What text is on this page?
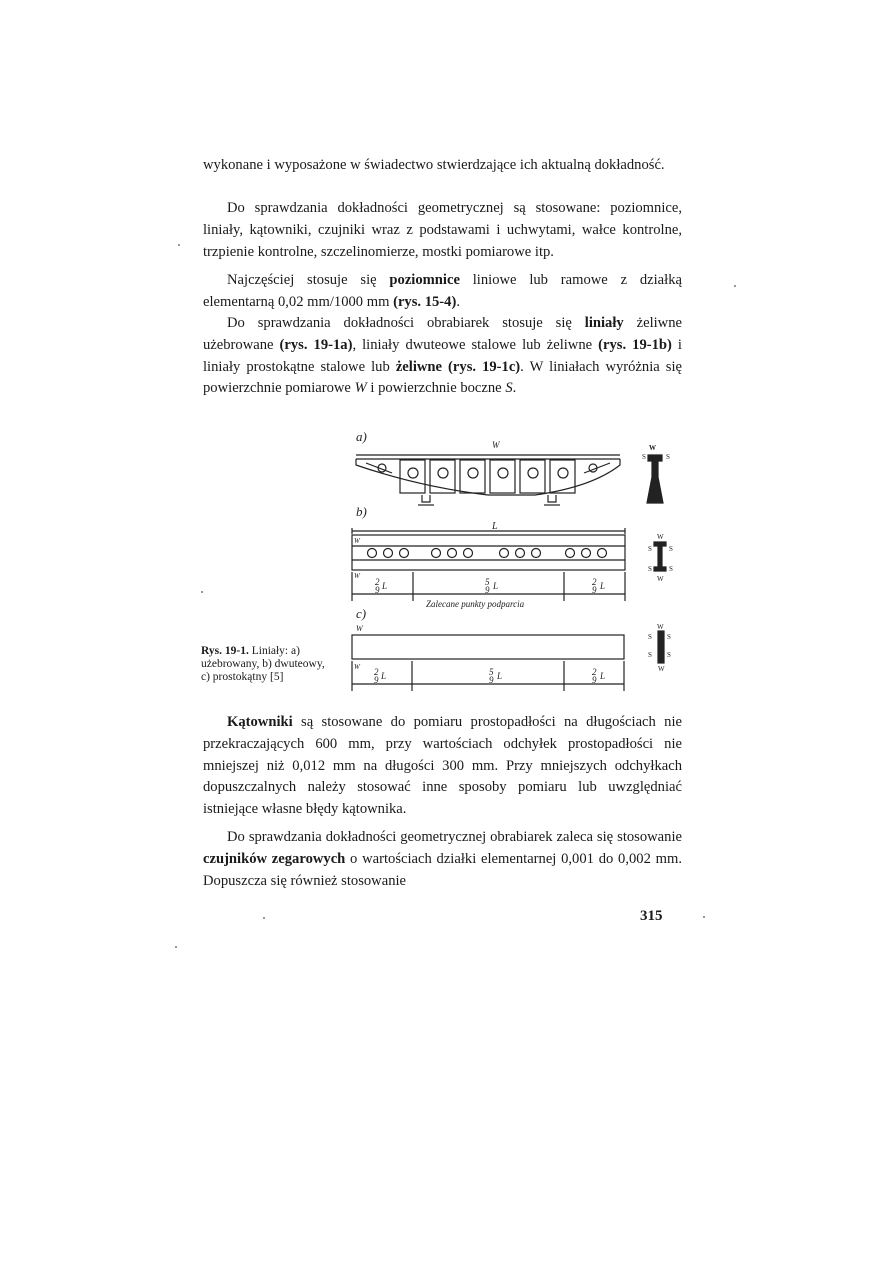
wykonane i wyposażone w świadectwo stwierdzające ich aktualną dokładność.

Do sprawdzania dokładności geometrycznej są stosowane: poziomnice, liniały, kątowniki, czujniki wraz z podstawami i uchwytami, wałce kontrolne, trzpienie kontrolne, szczelinomierze, mostki pomiarowe itp.

Najczęściej stosuje się poziomnice liniowe lub ramowe z działką elementarną 0,02 mm/1000 mm (rys. 15-4).

Do sprawdzania dokładności obrabiarek stosuje się liniały żeliwne użebrowane (rys. 19-1a), liniały dwuteowe stalowe lub żeliwne (rys. 19-1b) i liniały prostokątne stalowe lub żeliwne (rys. 19-1c). W liniałach wyróżnia się powierzchnie pomiarowe W i powierzchnie boczne S.

a)
W	W
S	S
b)
L
W
W
2
9 L	5
9 L	2
9 L
Zalecane punkty podparcia
W
S S
S S
W
c)
W
W 2
9 L	5
9 L	2
9 L
W
S S
S S
W

Rys. 19-1. Liniały: a) użebrowany, b) dwuteowy, c) prostokątny [5]

Kątowniki są stosowane do pomiaru prostopadłości na długościach nie przekraczających 600 mm, przy wartościach odchyłek prostopadłości nie mniejszej niż 0,012 mm na długości 300 mm. Przy mniejszych odchyłkach dopuszczalnych należy stosować inne sposoby pomiaru lub uwzględniać istniejące własne błędy kątownika.

Do sprawdzania dokładności geometrycznej obrabiarek zaleca się stosowanie czujników zegarowych o wartościach działki elementarnej 0,001 do 0,002 mm. Dopuszcza się również stosowanie

315
